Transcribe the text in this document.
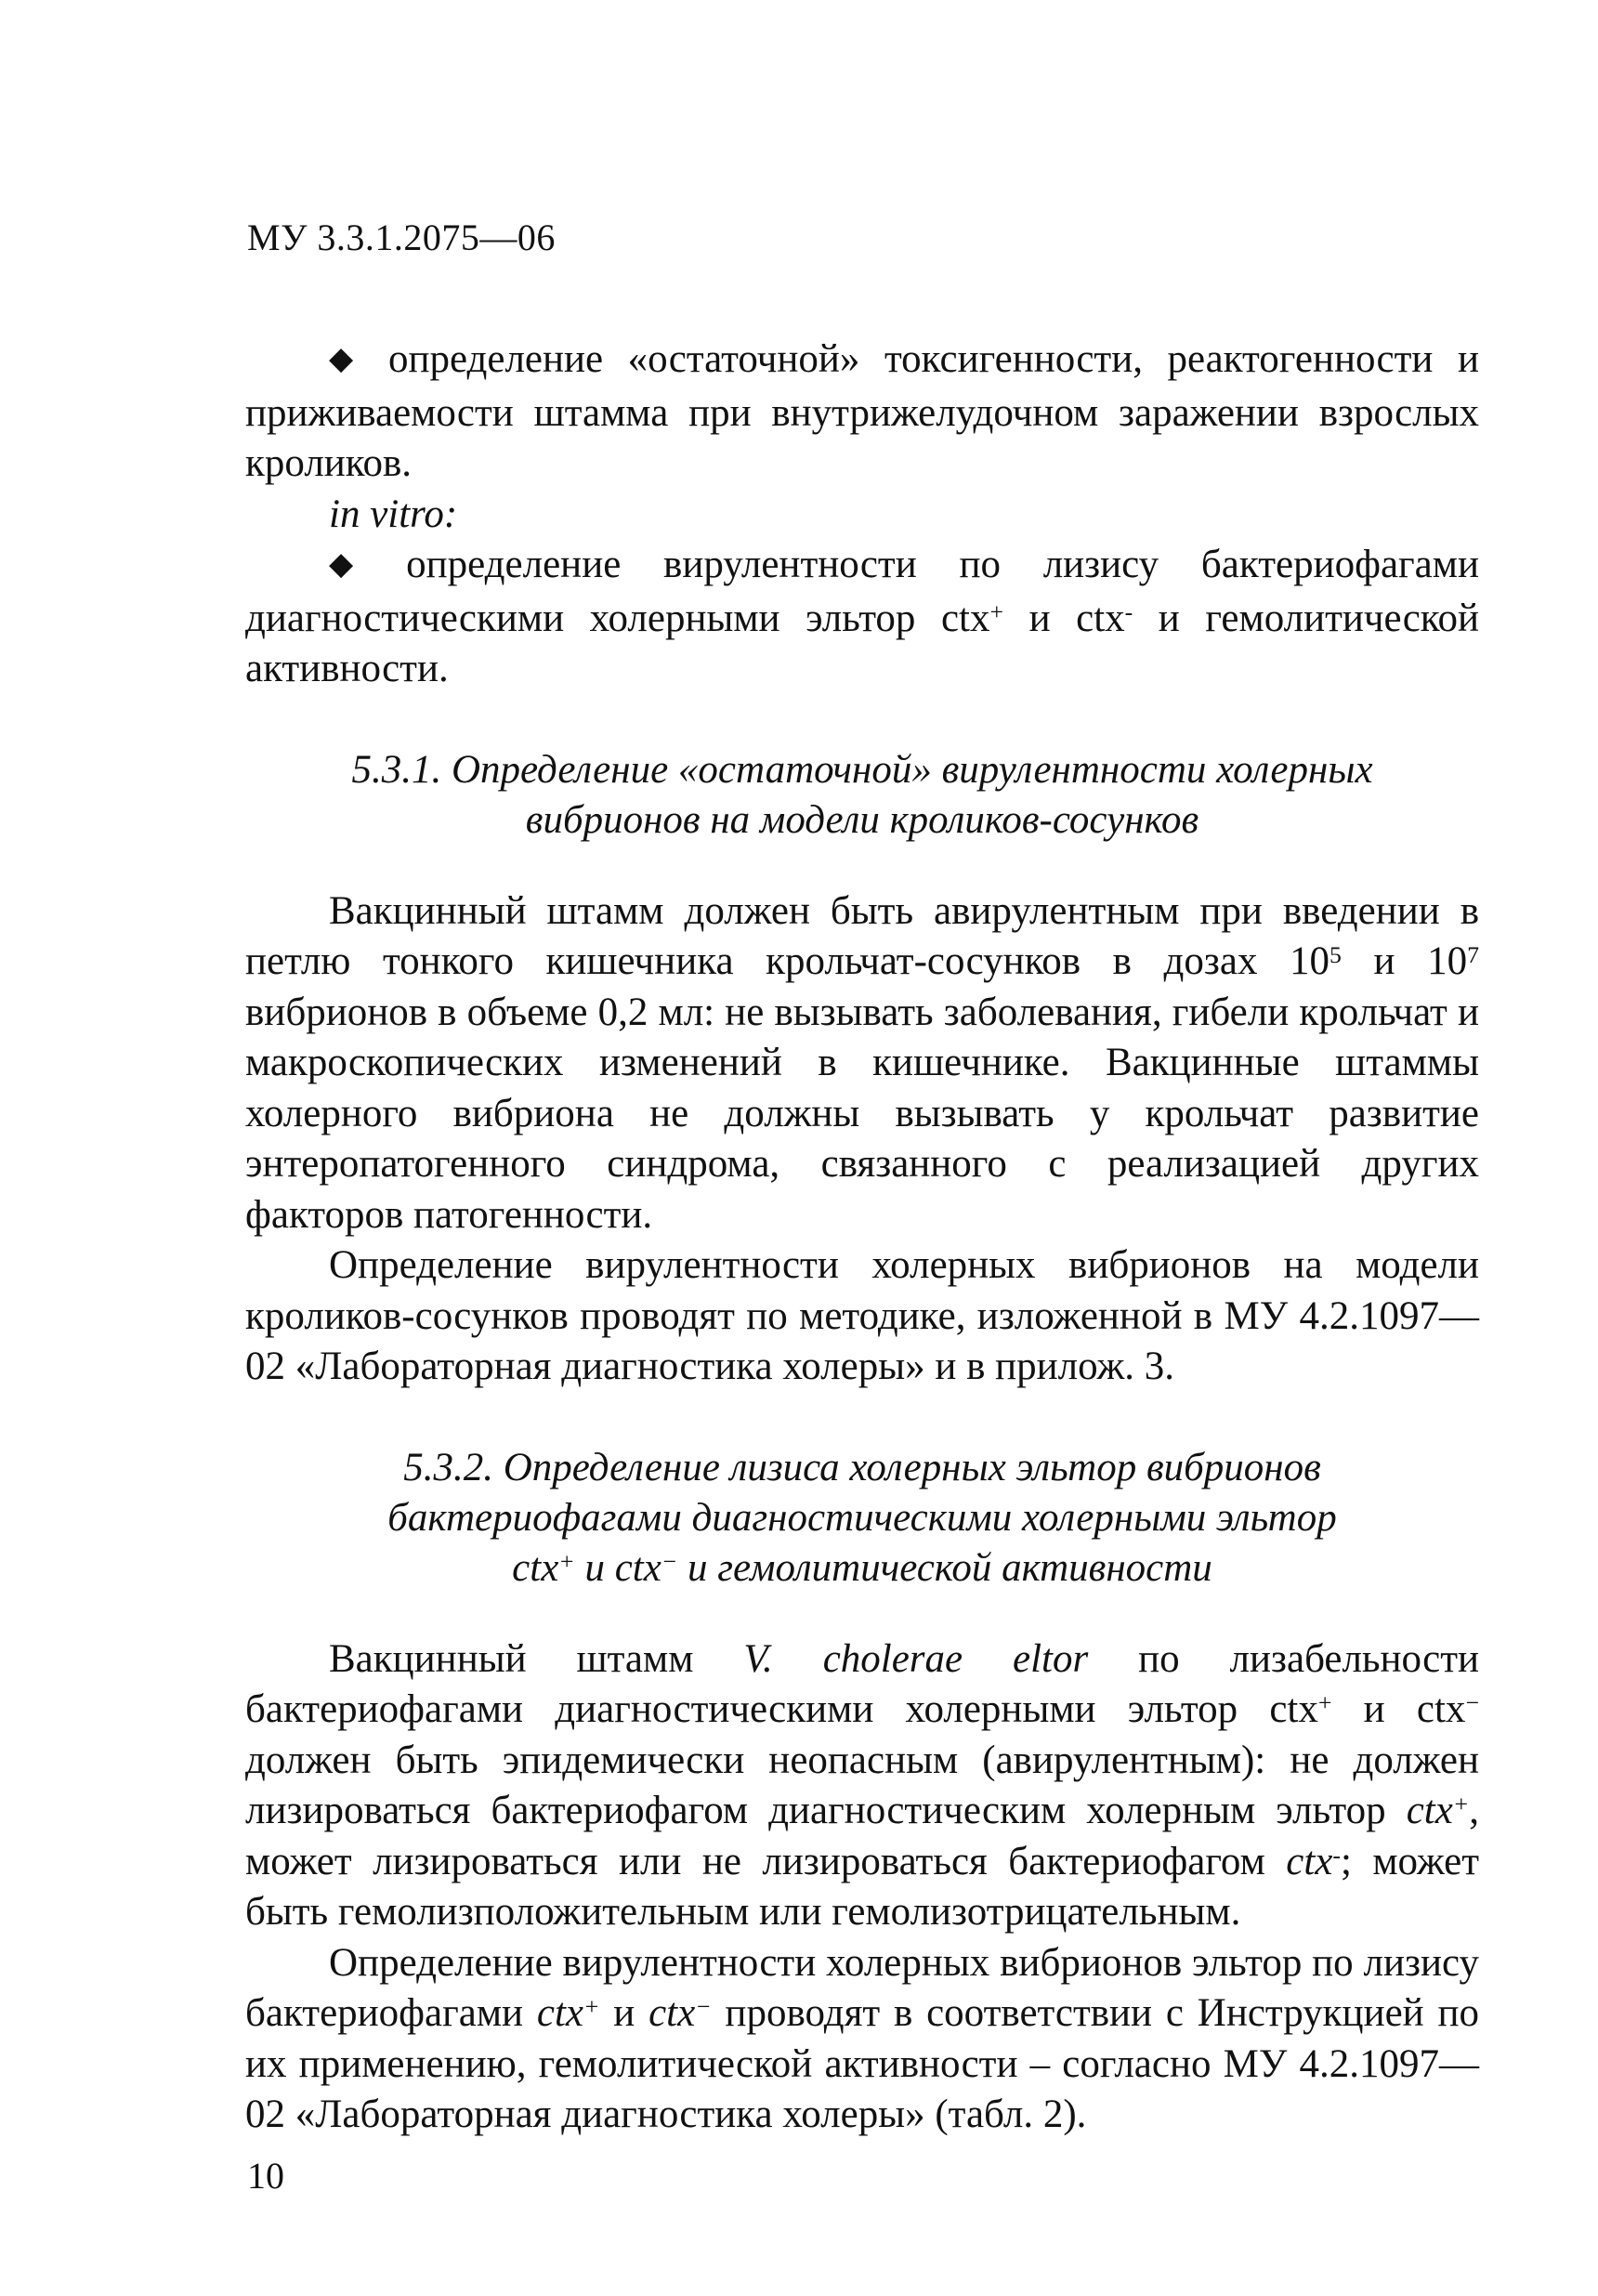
МУ 3.3.1.2075—06

◆ определение «остаточной» токсигенности, реактогенности и приживаемости штамма при внутрижелудочном заражении взрослых кроликов.

in vitro:

◆ определение вирулентности по лизису бактериофагами диагностическими холерными эльтор ctx+ и ctx- и гемолитической активности.

5.3.1. Определение «остаточной» вирулентности холерных
вибрионов на модели кроликов-сосунков

Вакцинный штамм должен быть авирулентным при введении в петлю тонкого кишечника крольчат-сосунков в дозах $10^5$ и $10^7$ вибрионов в объеме 0,2 мл: не вызывать заболевания, гибели крольчат и макроскопических изменений в кишечнике. Вакцинные штаммы холерного вибриона не должны вызывать у крольчат развитие энтеропатогенного синдрома, связанного с реализацией других факторов патогенности.

Определение вирулентности холерных вибрионов на модели кроликов-сосунков проводят по методике, изложенной в МУ 4.2.1097—02 «Лабораторная диагностика холеры» и в прилож. 3.

5.3.2. Определение лизиса холерных эльтор вибрионов
бактериофагами диагностическими холерными эльтор
ctx+ и ctx− и гемолитической активности

Вакцинный штамм V. cholerae eltor по лизабельности бактериофагами диагностическими холерными эльтор ctx+ и ctx− должен быть эпидемически неопасным (авирулентным): не должен лизироваться бактериофагом диагностическим холерным эльтор ctx+, может лизироваться или не лизироваться бактериофагом ctx-; может быть гемолизположительным или гемолизотрицательным.

Определение вирулентности холерных вибрионов эльтор по лизису бактериофагами ctx+ и ctx− проводят в соответствии с Инструкцией по их применению, гемолитической активности – согласно МУ 4.2.1097—02 «Лабораторная диагностика холеры» (табл. 2).

10
